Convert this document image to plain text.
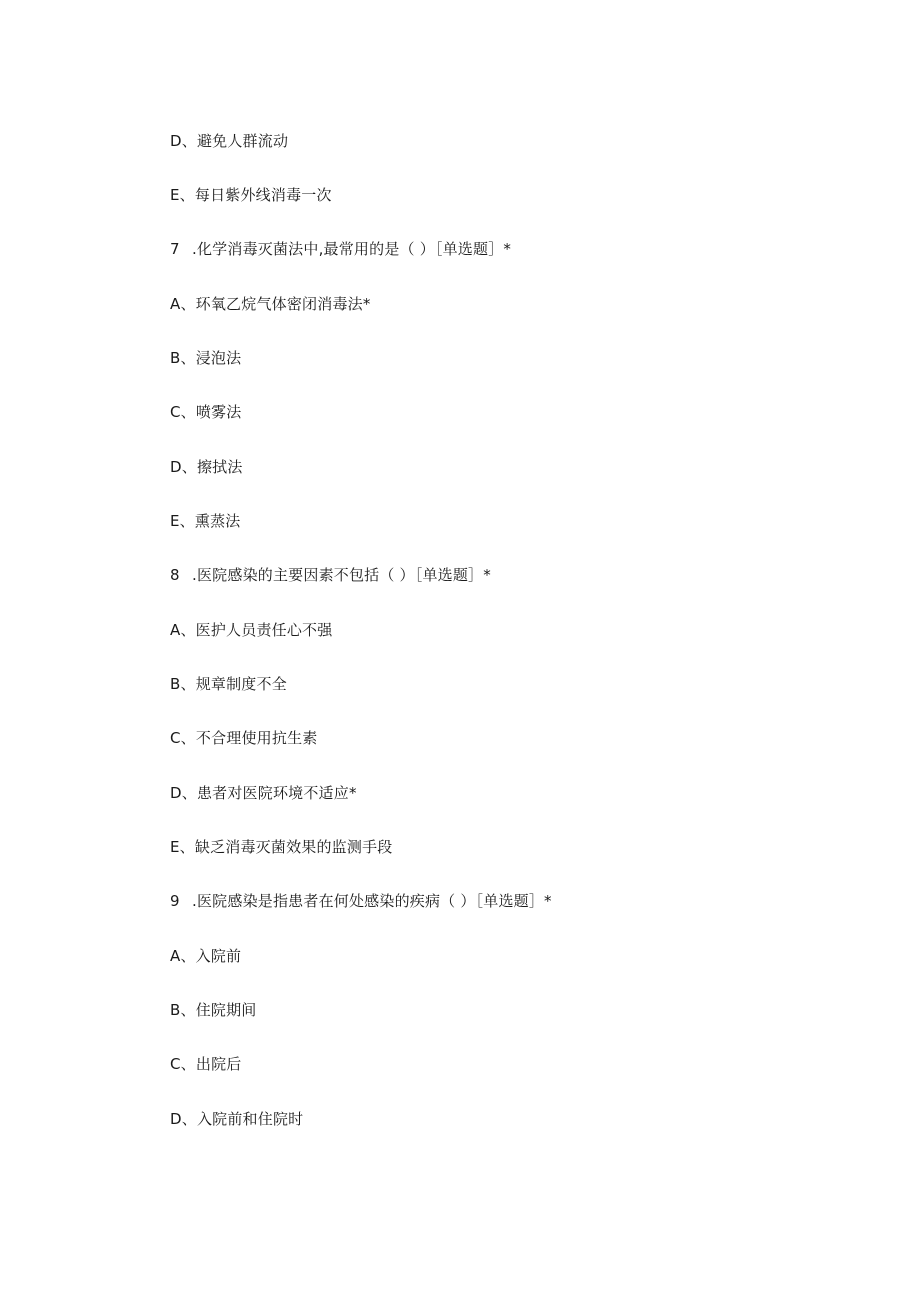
D、避免人群流动
E、每日紫外线消毒一次
7 .化学消毒灭菌法中,最常用的是（ ）［单选题］*
A、环氧乙烷气体密闭消毒法*
B、浸泡法
C、喷雾法
D、擦拭法
E、熏蒸法
8 .医院感染的主要因素不包括（ ）［单选题］*
A、医护人员责任心不强
B、规章制度不全
C、不合理使用抗生素
D、患者对医院环境不适应*
E、缺乏消毒灭菌效果的监测手段
9 .医院感染是指患者在何处感染的疾病（ ）［单选题］*
A、入院前
B、住院期间
C、出院后
D、入院前和住院时
